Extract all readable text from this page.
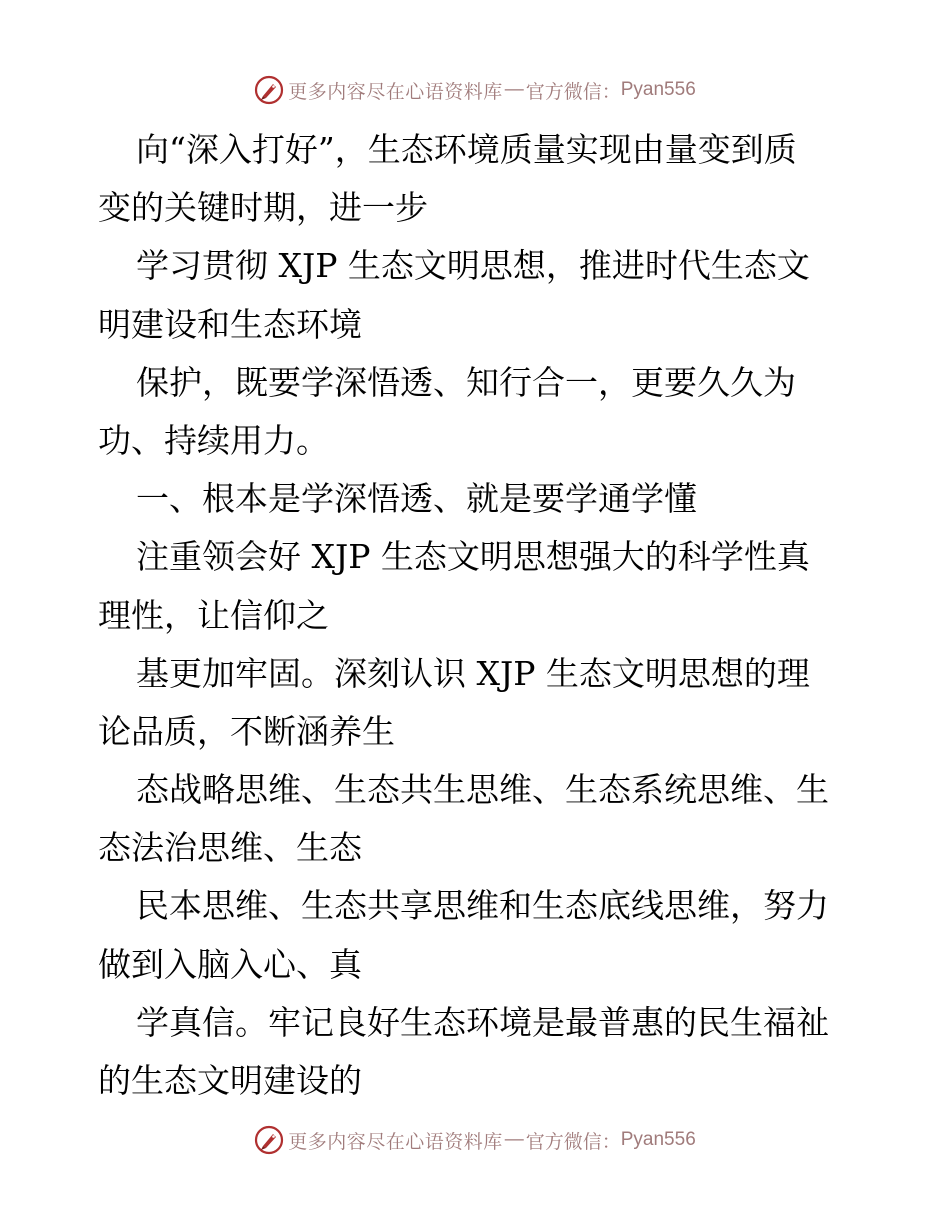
更多内容尽在心语资料库 — 官方微信： Pyan556
向“深入打好”，生态环境质量实现由量变到质
变的关键时期，进一步
学习贯彻 XJP 生态文明思想，推进时代生态文
明建设和生态环境
保护，既要学深悟透、知行合一，更要久久为
功、持续用力。
一、根本是学深悟透、就是要学通学懂
注重领会好 XJP 生态文明思想强大的科学性真
理性，让信仰之
基更加牢固。深刻认识 XJP 生态文明思想的理
论品质，不断涵养生
态战略思维、生态共生思维、生态系统思维、生
态法治思维、生态
民本思维、生态共享思维和生态底线思维，努力
做到入脑入心、真
学真信。牢记良好生态环境是最普惠的民生福祉
的生态文明建设的
更多内容尽在心语资料库 — 官方微信： Pyan556
